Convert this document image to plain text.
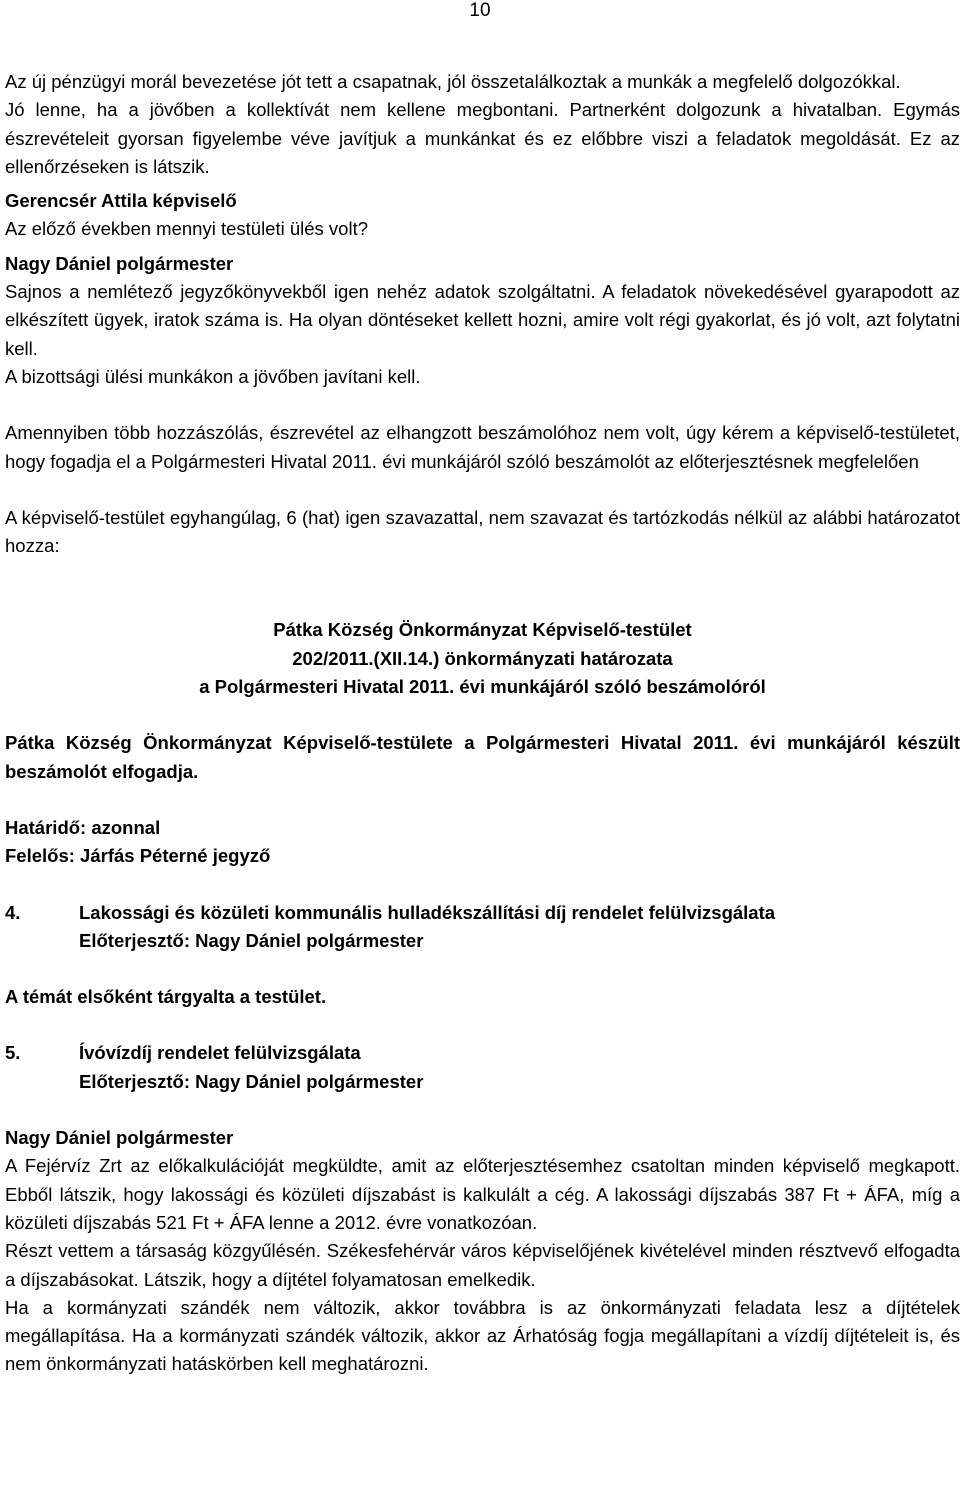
10

Az új pénzügyi morál bevezetése jót tett a csapatnak, jól összetalálkoztak a munkák a megfelelő dolgozókkal.

Jó lenne, ha a jövőben a kollektívát nem kellene megbontani. Partnerként dolgozunk a hivatalban. Egymás észrevételeit gyorsan figyelembe véve javítjuk a munkánkat és ez előbbre viszi a feladatok megoldását. Ez az ellenőrzéseken is látszik.

Gerencsér Attila képviselő

Az előző években mennyi testületi ülés volt?

Nagy Dániel polgármester

Sajnos a nemlétező jegyzőkönyvekből igen nehéz adatok szolgáltatni. A feladatok növekedésével gyarapodott az elkészített ügyek, iratok száma is. Ha olyan döntéseket kellett hozni, amire volt régi gyakorlat, és jó volt, azt folytatni kell.

A bizottsági ülési munkákon a jövőben javítani kell.

Amennyiben több hozzászólás, észrevétel az elhangzott beszámolóhoz nem volt, úgy kérem a képviselő-testületet, hogy fogadja el a Polgármesteri Hivatal 2011. évi munkájáról szóló beszámolót az előterjesztésnek megfelelően

A képviselő-testület egyhangúlag, 6 (hat) igen szavazattal, nem szavazat és tartózkodás nélkül az alábbi határozatot hozza:

Pátka Község Önkormányzat Képviselő-testület

202/2011.(XII.14.) önkormányzati határozata

a Polgármesteri Hivatal 2011. évi munkájáról szóló beszámolóról

Pátka Község Önkormányzat Képviselő-testülete a Polgármesteri Hivatal 2011. évi munkájáról készült beszámolót elfogadja.

Határidő: azonnal

Felelős: Járfás Péterné jegyző

4.	Lakossági és közületi kommunális hulladékszállítási díj rendelet felülvizsgálata

Előterjesztő: Nagy Dániel polgármester

A témát elsőként tárgyalta a testület.

5.	Ívóvízdíj rendelet felülvizsgálata

Előterjesztő: Nagy Dániel polgármester

Nagy Dániel polgármester

A Fejérvíz Zrt az előkalkulációját megküldte, amit az előterjesztésemhez csatoltan minden képviselő megkapott. Ebből látszik, hogy lakossági és közületi díjszabást is kalkulált a cég. A lakossági díjszabás 387 Ft + ÁFA, míg a közületi díjszabás 521 Ft + ÁFA lenne a 2012. évre vonatkozóan.

Részt vettem a társaság közgyűlésén. Székesfehérvár város képviselőjének kivételével minden résztvevő elfogadta a díjszabásokat. Látszik, hogy a díjtétel folyamatosan emelkedik.

Ha a kormányzati szándék nem változik, akkor továbbra is az önkormányzati feladata lesz a díjtételek megállapítása. Ha a kormányzati szándék változik, akkor az Árhatóság fogja megállapítani a vízdíj díjtételeit is, és nem önkormányzati hatáskörben kell meghatározni.
